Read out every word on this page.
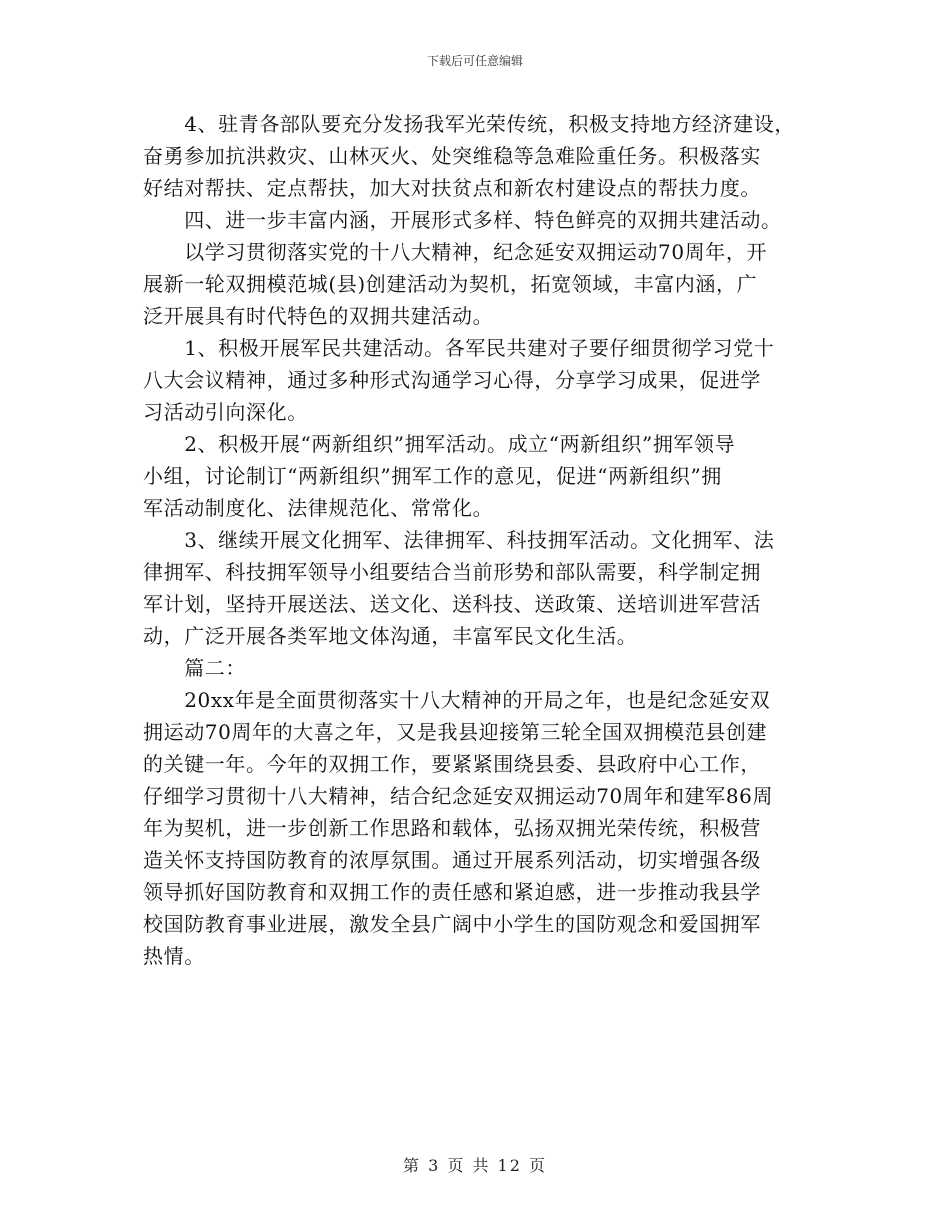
下载后可任意编辑
　　4、驻青各部队要充分发扬我军光荣传统，积极支持地方经济建设，
奋勇参加抗洪救灾、山林灭火、处突维稳等急难险重任务。积极落实
好结对帮扶、定点帮扶，加大对扶贫点和新农村建设点的帮扶力度。
　　四、进一步丰富内涵，开展形式多样、特色鲜亮的双拥共建活动。
　　以学习贯彻落实党的十八大精神，纪念延安双拥运动70周年，开
展新一轮双拥模范城(县)创建活动为契机，拓宽领域，丰富内涵，广
泛开展具有时代特色的双拥共建活动。
　　1、积极开展军民共建活动。各军民共建对子要仔细贯彻学习党十
八大会议精神，通过多种形式沟通学习心得，分享学习成果，促进学
习活动引向深化。
　　2、积极开展“两新组织”拥军活动。成立“两新组织”拥军领导
小组，讨论制订“两新组织”拥军工作的意见，促进“两新组织”拥
军活动制度化、法律规范化、常常化。
　　3、继续开展文化拥军、法律拥军、科技拥军活动。文化拥军、法
律拥军、科技拥军领导小组要结合当前形势和部队需要，科学制定拥
军计划，坚持开展送法、送文化、送科技、送政策、送培训进军营活
动，广泛开展各类军地文体沟通，丰富军民文化生活。
　　篇二：
　　20xx年是全面贯彻落实十八大精神的开局之年，也是纪念延安双
拥运动70周年的大喜之年，又是我县迎接第三轮全国双拥模范县创建
的关键一年。今年的双拥工作，要紧紧围绕县委、县政府中心工作，
仔细学习贯彻十八大精神，结合纪念延安双拥运动70周年和建军86周
年为契机，进一步创新工作思路和载体，弘扬双拥光荣传统，积极营
造关怀支持国防教育的浓厚氛围。通过开展系列活动，切实增强各级
领导抓好国防教育和双拥工作的责任感和紧迫感，进一步推动我县学
校国防教育事业进展，激发全县广阔中小学生的国防观念和爱国拥军
热情。
第 3 页 共 12 页
